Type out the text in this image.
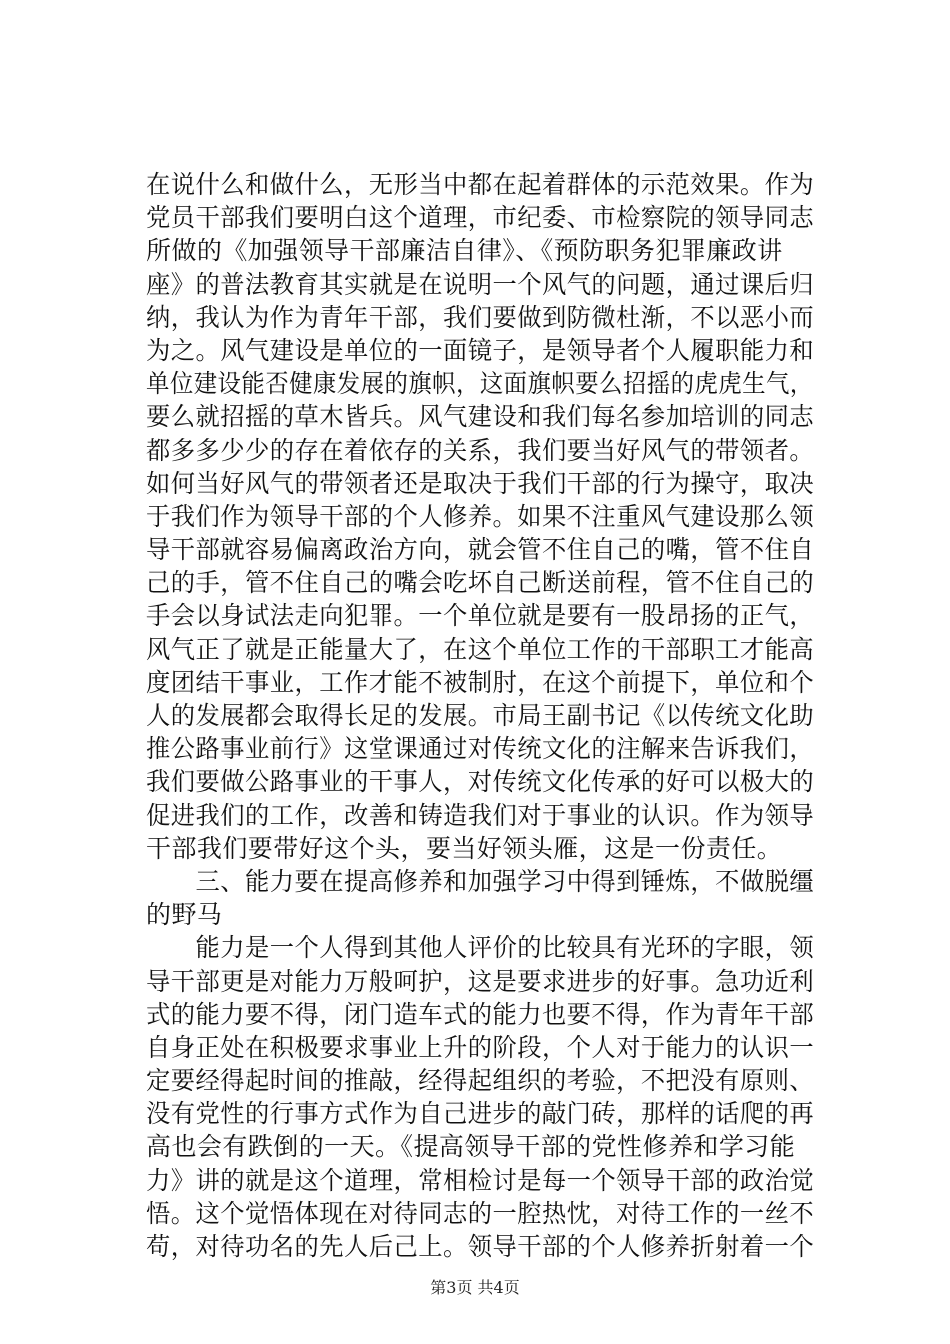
在说什么和做什么，无形当中都在起着群体的示范效果。作为
党员干部我们要明白这个道理，市纪委、市检察院的领导同志
所做的《加强领导干部廉洁自律》、《预防职务犯罪廉政讲
座》的普法教育其实就是在说明一个风气的问题，通过课后归
纳，我认为作为青年干部，我们要做到防微杜渐，不以恶小而
为之。风气建设是单位的一面镜子，是领导者个人履职能力和
单位建设能否健康发展的旗帜，这面旗帜要么招摇的虎虎生气，
要么就招摇的草木皆兵。风气建设和我们每名参加培训的同志
都多多少少的存在着依存的关系，我们要当好风气的带领者。
如何当好风气的带领者还是取决于我们干部的行为操守，取决
于我们作为领导干部的个人修养。如果不注重风气建设那么领
导干部就容易偏离政治方向，就会管不住自己的嘴，管不住自
己的手，管不住自己的嘴会吃坏自己断送前程，管不住自己的
手会以身试法走向犯罪。一个单位就是要有一股昂扬的正气，
风气正了就是正能量大了，在这个单位工作的干部职工才能高
度团结干事业，工作才能不被制肘，在这个前提下，单位和个
人的发展都会取得长足的发展。市局王副书记《以传统文化助
推公路事业前行》这堂课通过对传统文化的注解来告诉我们，
我们要做公路事业的干事人，对传统文化传承的好可以极大的
促进我们的工作，改善和铸造我们对于事业的认识。作为领导
干部我们要带好这个头，要当好领头雁，这是一份责任。
　　三、能力要在提高修养和加强学习中得到锤炼，不做脱缰
的野马
　　能力是一个人得到其他人评价的比较具有光环的字眼，领
导干部更是对能力万般呵护，这是要求进步的好事。急功近利
式的能力要不得，闭门造车式的能力也要不得，作为青年干部
自身正处在积极要求事业上升的阶段，个人对于能力的认识一
定要经得起时间的推敲，经得起组织的考验，不把没有原则、
没有党性的行事方式作为自己进步的敲门砖，那样的话爬的再
高也会有跌倒的一天。《提高领导干部的党性修养和学习能
力》讲的就是这个道理，常相检讨是每一个领导干部的政治觉
悟。这个觉悟体现在对待同志的一腔热忱，对待工作的一丝不
苟，对待功名的先人后己上。领导干部的个人修养折射着一个
第3页 共4页
